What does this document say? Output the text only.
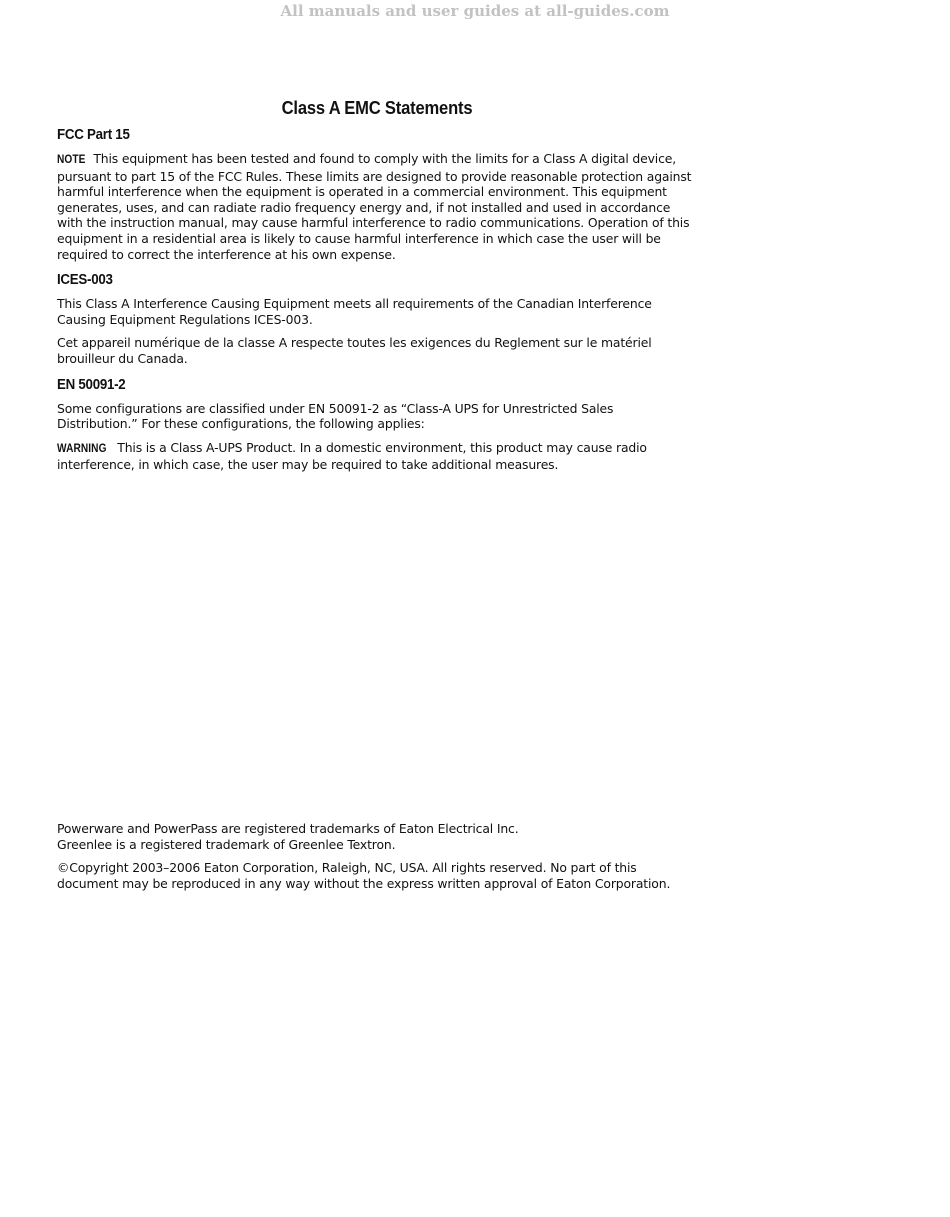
All manuals and user guides at all-guides.com
Class A EMC Statements
FCC Part 15

NOTE This equipment has been tested and found to comply with the limits for a Class A digital device, pursuant to part 15 of the FCC Rules. These limits are designed to provide reasonable protection against harmful interference when the equipment is operated in a commercial environment. This equipment generates, uses, and can radiate radio frequency energy and, if not installed and used in accordance with the instruction manual, may cause harmful interference to radio communications. Operation of this equipment in a residential area is likely to cause harmful interference in which case the user will be required to correct the interference at his own expense.

ICES-003

This Class A Interference Causing Equipment meets all requirements of the Canadian Interference Causing Equipment Regulations ICES-003.

Cet appareil numérique de la classe A respecte toutes les exigences du Reglement sur le matériel brouilleur du Canada.

EN 50091-2

Some configurations are classified under EN 50091-2 as “Class-A UPS for Unrestricted Sales Distribution.” For these configurations, the following applies:

WARNING This is a Class A-UPS Product. In a domestic environment, this product may cause radio interference, in which case, the user may be required to take additional measures.

Powerware and PowerPass are registered trademarks of Eaton Electrical Inc.
Greenlee is a registered trademark of Greenlee Textron.

©Copyright 2003–2006 Eaton Corporation, Raleigh, NC, USA. All rights reserved. No part of this document may be reproduced in any way without the express written approval of Eaton Corporation.
